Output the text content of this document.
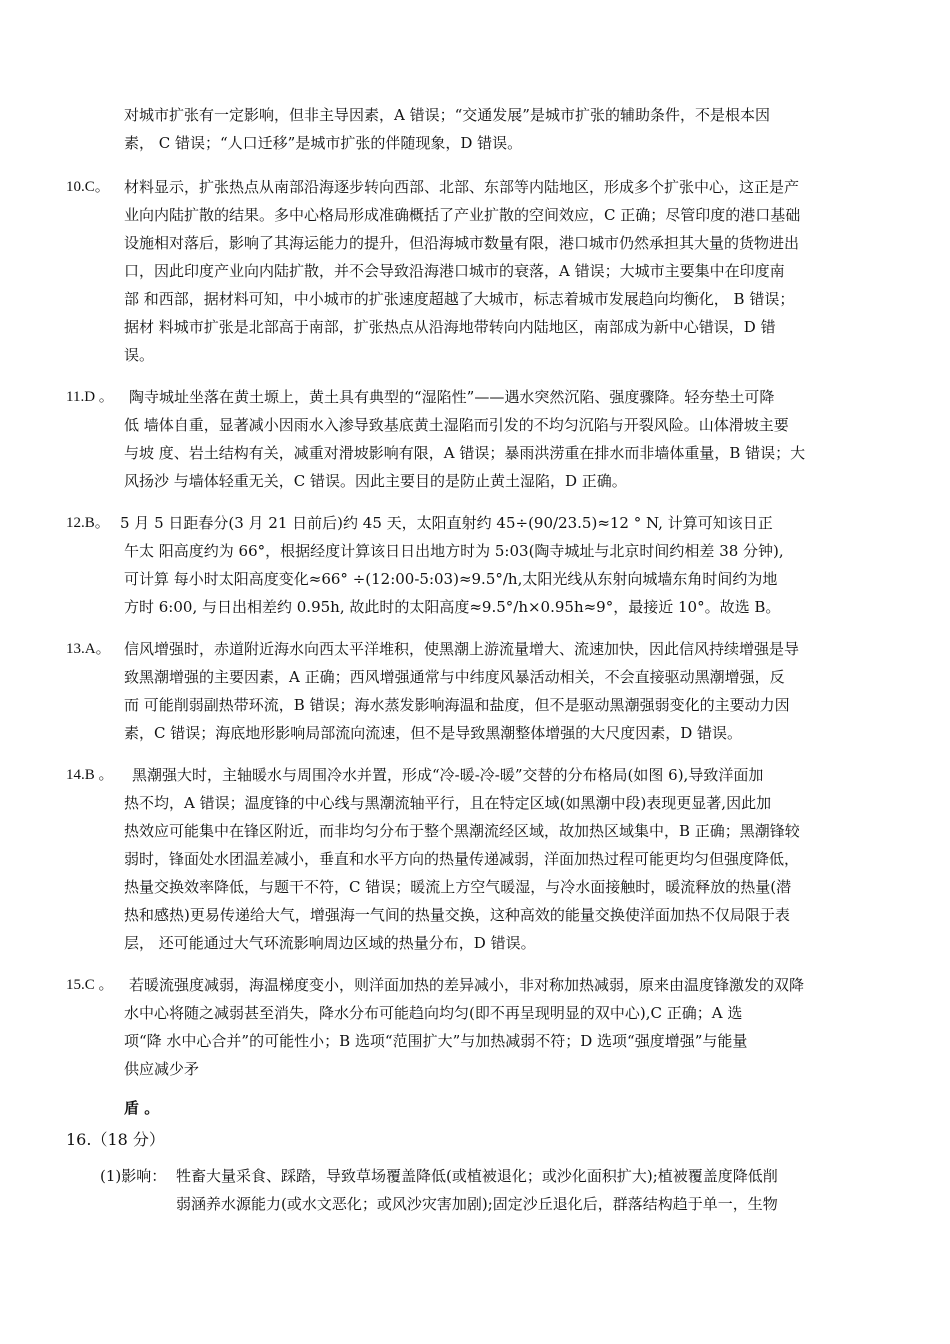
对城市扩张有一定影响，但非主导因素，A 错误；“交通发展”是城市扩张的辅助条件，不是根本因
素， C 错误；“人口迁移”是城市扩张的伴随现象，D 错误。
10.C。 材料显示，扩张热点从南部沿海逐步转向西部、北部、东部等内陆地区，形成多个扩张中心，这正是产
业向内陆扩散的结果。多中心格局形成准确概括了产业扩散的空间效应，C 正确；尽管印度的港口基础
设施相对落后，影响了其海运能力的提升，但沿海城市数量有限，港口城市仍然承担其大量的货物进出
口，因此印度产业向内陆扩散，并不会导致沿海港口城市的衰落，A 错误；大城市主要集中在印度南
部 和西部，据材料可知，中小城市的扩张速度超越了大城市，标志着城市发展趋向均衡化， B 错误；
据材 料城市扩张是北部高于南部，扩张热点从沿海地带转向内陆地区，南部成为新中心错误，D 错
误。
11.D 。 陶寺城址坐落在黄土塬上，黄土具有典型的“湿陷性”——遇水突然沉陷、强度骤降。轻夯垫土可降
低 墙体自重，显著减小因雨水入渗导致基底黄土湿陷而引发的不均匀沉陷与开裂风险。山体滑坡主要
与坡 度、岩土结构有关，减重对滑坡影响有限，A 错误；暴雨洪涝重在排水而非墙体重量，B 错误；大
风扬沙 与墙体轻重无关，C 错误。因此主要目的是防止黄土湿陷，D 正确。
12.B。 5 月 5 日距春分(3 月 21 日前后)约 45 天，太阳直射约 45÷(90/23.5)≈12 ° N, 计算可知该日正
午太 阳高度约为 66°，根据经度计算该日日出地方时为 5:03(陶寺城址与北京时间约相差 38 分钟),
可计算 每小时太阳高度变化≈66° ÷(12:00-5:03)≈9.5°/h,太阳光线从东射向城墙东角时间约为地
方时 6:00, 与日出相差约 0.95h, 故此时的太阳高度≈9.5°/h×0.95h≈9°，最接近 10°。故选 B。
13.A。 信风增强时，赤道附近海水向西太平洋堆积，使黑潮上游流量增大、流速加快，因此信风持续增强是导
致黑潮增强的主要因素，A 正确；西风增强通常与中纬度风暴活动相关，不会直接驱动黑潮增强，反
而 可能削弱副热带环流，B 错误；海水蒸发影响海温和盐度，但不是驱动黑潮强弱变化的主要动力因
素，C 错误；海底地形影响局部流向流速，但不是导致黑潮整体增强的大尺度因素，D 错误。
14.B 。 黑潮强大时，主轴暖水与周围冷水并置，形成“冷-暖-冷-暖”交替的分布格局(如图 6),导致洋面加
热不均，A 错误；温度锋的中心线与黑潮流轴平行，且在特定区域(如黑潮中段)表现更显著,因此加
热效应可能集中在锋区附近，而非均匀分布于整个黑潮流经区域，故加热区域集中，B 正确；黑潮锋较
弱时，锋面处水团温差减小，垂直和水平方向的热量传递减弱，洋面加热过程可能更均匀但强度降低，
热量交换效率降低，与题干不符，C 错误；暖流上方空气暖湿，与冷水面接触时，暖流释放的热量(潜
热和感热)更易传递给大气，增强海一气间的热量交换，这种高效的能量交换使洋面加热不仅局限于表
层， 还可能通过大气环流影响周边区域的热量分布，D 错误。
15.C 。 若暖流强度减弱，海温梯度变小，则洋面加热的差异减小，非对称加热减弱，原来由温度锋激发的双降
水中心将随之减弱甚至消失，降水分布可能趋向均匀(即不再呈现明显的双中心),C 正确；A 选
项“降 水中心合并”的可能性小；B 选项“范围扩大”与加热减弱不符；D 选项“强度增强”与能量
供应减少矛
盾 。
16.（18 分）
(1)影响： 牲畜大量采食、踩踏，导致草场覆盖降低(或植被退化；或沙化面积扩大);植被覆盖度降低削
弱涵养水源能力(或水文恶化；或风沙灾害加剧);固定沙丘退化后，群落结构趋于单一，生物
